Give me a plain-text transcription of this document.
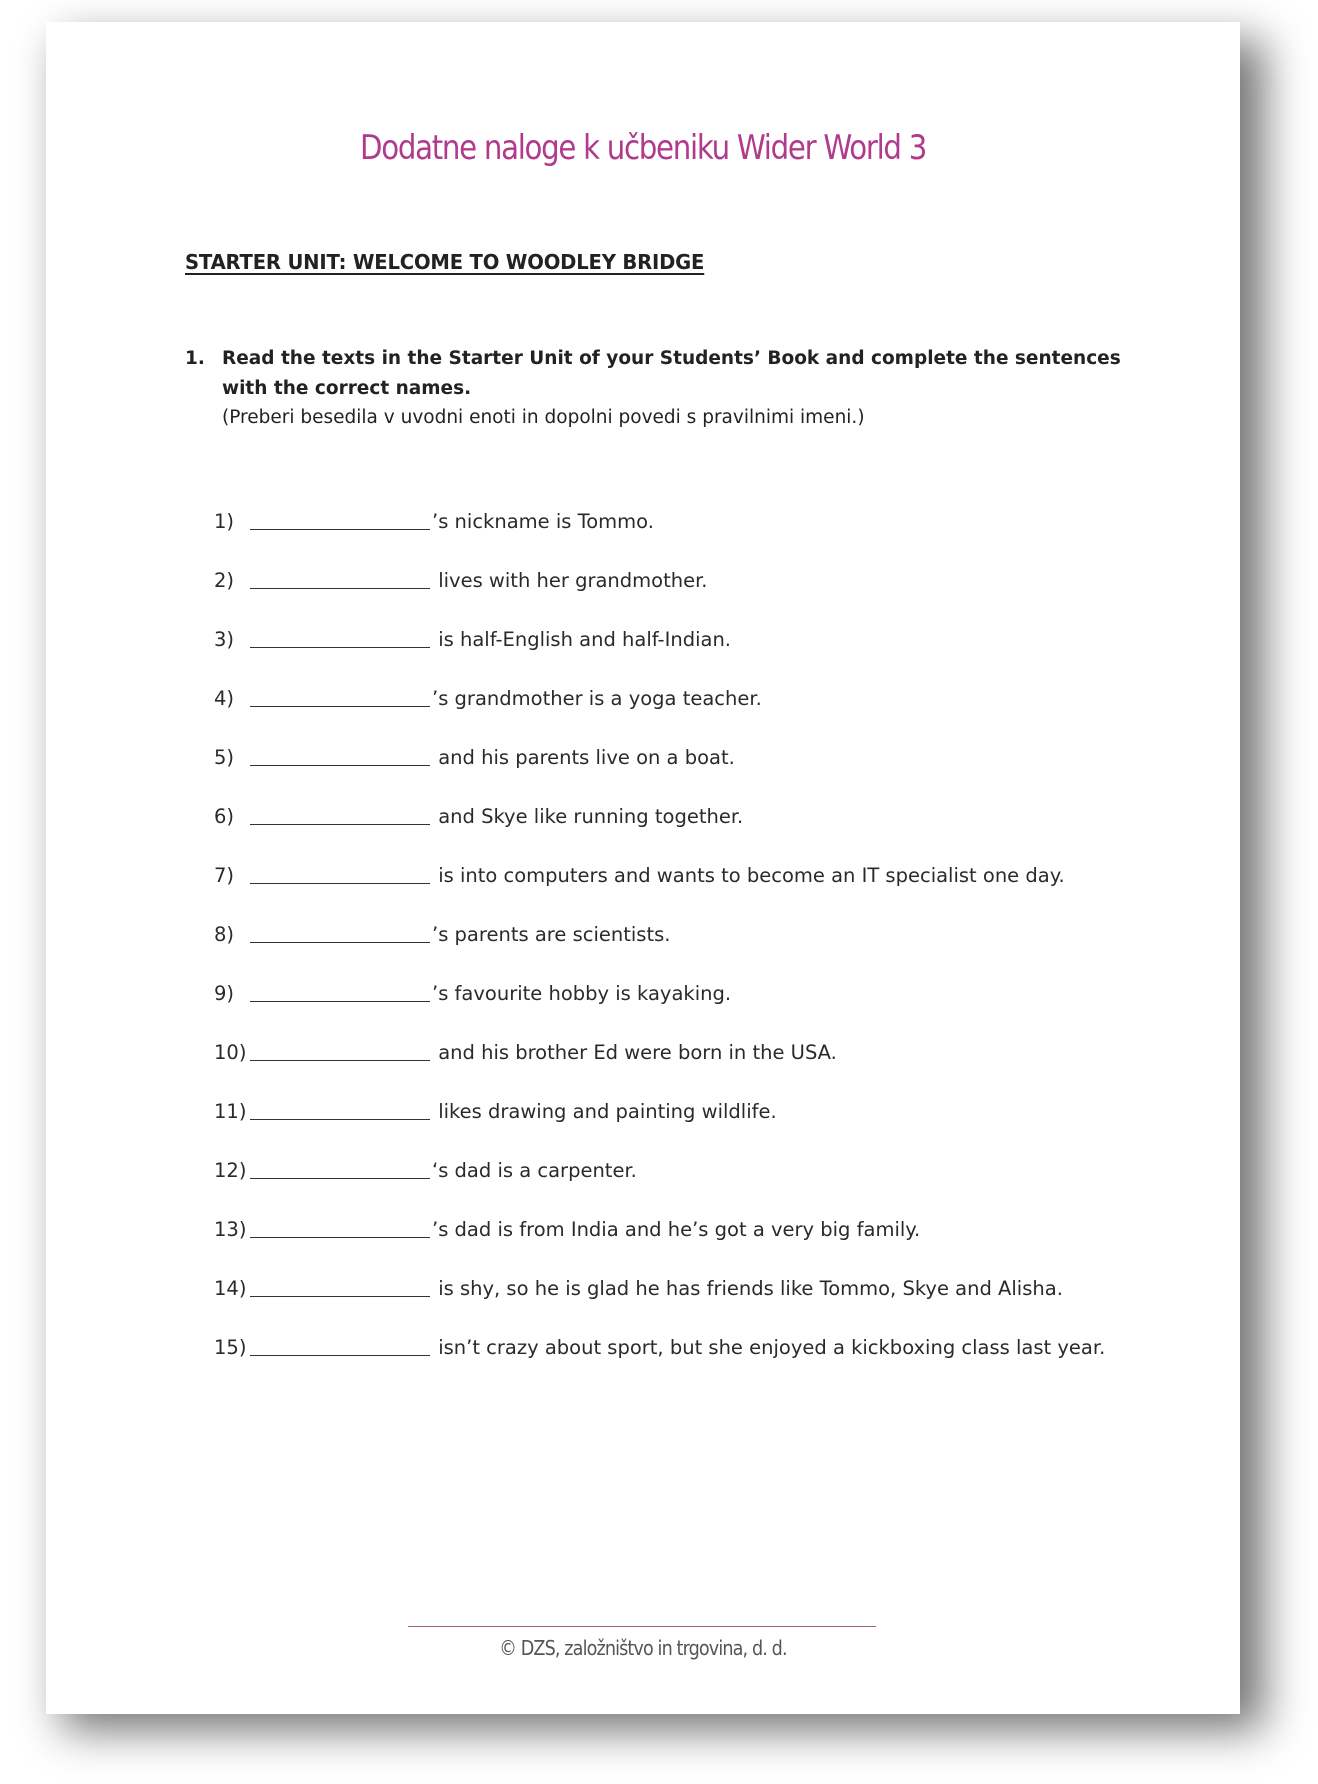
Dodatne naloge k učbeniku Wider World 3
STARTER UNIT: WELCOME TO WOODLEY BRIDGE
1. Read the texts in the Starter Unit of your Students’ Book and complete the sentences with the correct names.
(Preberi besedila v uvodni enoti in dopolni povedi s pravilnimi imeni.)
1)	’s nickname is Tommo.
2)	lives with her grandmother.
3)	is half-English and half-Indian.
4)	’s grandmother is a yoga teacher.
5)	and his parents live on a boat.
6)	and Skye like running together.
7)	is into computers and wants to become an IT specialist one day.
8)	’s parents are scientists.
9)	’s favourite hobby is kayaking.
10)	and his brother Ed were born in the USA.
11)	likes drawing and painting wildlife.
12)	‘s dad is a carpenter.
13)	’s dad is from India and he’s got a very big family.
14)	is shy, so he is glad he has friends like Tommo, Skye and Alisha.
15)	isn’t crazy about sport, but she enjoyed a kickboxing class last year.
© DZS, založništvo in trgovina, d. d.
